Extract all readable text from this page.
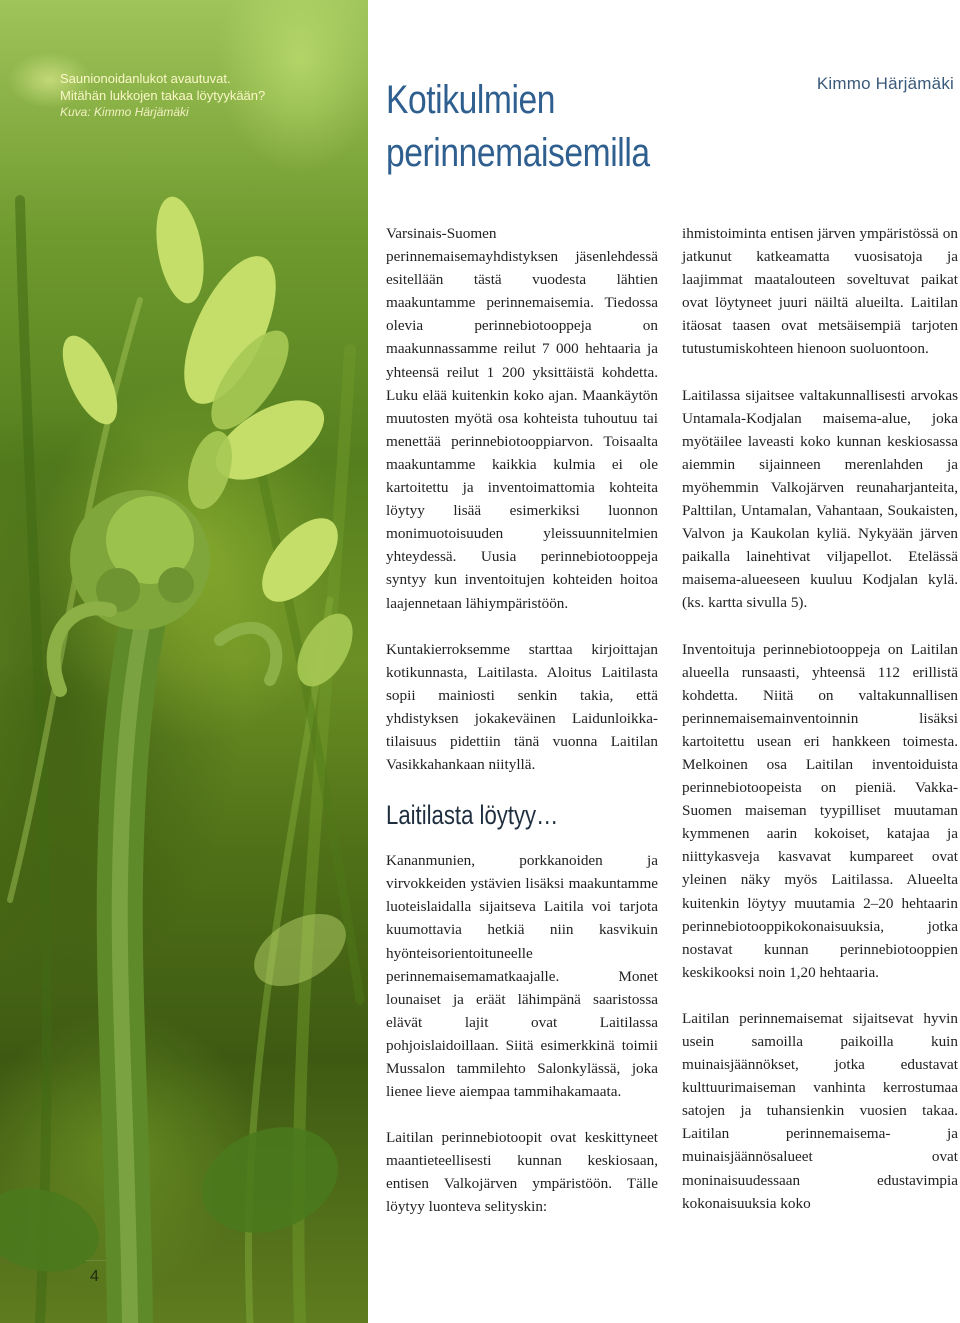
Saunionoidanlukot avautuvat.
Mitähän lukkojen takaa löytyykään?
Kuva: Kimmo Härjämäki
4
Kimmo Härjämäki
Kotikulmien
perinnemaisemilla

Varsinais-Suomen perinnemaisemayhdistyksen jäsenlehdessä esitellään tästä vuodesta lähtien maakuntamme perinnemaisemia. Tiedossa olevia perinnebiotooppeja on maakunnassamme reilut 7 000 hehtaaria ja yhteensä reilut 1 200 yksittäistä kohdetta. Luku elää kuitenkin koko ajan. Maankäytön muutosten myötä osa kohteista tuhoutuu tai menettää perinnebiotooppiarvon. Toisaalta maakuntamme kaikkia kulmia ei ole kartoitettu ja inventoimattomia kohteita löytyy lisää esimerkiksi luonnon monimuotoisuuden yleissuunnitelmien yhteydessä. Uusia perinnebiotooppeja syntyy kun inventoitujen kohteiden hoitoa laajennetaan lähiympäristöön.

Kuntakierroksemme starttaa kirjoittajan kotikunnasta, Laitilasta. Aloitus Laitilasta sopii mainiosti senkin takia, että yhdistyksen jokakeväinen Laidunloikka-tilaisuus pidettiin tänä vuonna Laitilan Vasikkahankaan niityllä.

Laitilasta löytyy…

Kananmunien, porkkanoiden ja virvokkeiden ystävien lisäksi maakuntamme luoteislaidalla sijaitseva Laitila voi tarjota kuumottavia hetkiä niin kasvikuin hyönteisorientoituneelle perinnemaisemamatkaajalle. Monet lounaiset ja eräät lähimpänä saaristossa elävät lajit ovat Laitilassa pohjoislaidoillaan. Siitä esimerkkinä toimii Mussalon tammilehto Salonkylässä, joka lienee lieve aiempaa tammihakamaata.

Laitilan perinnebiotoopit ovat keskittyneet maantieteellisesti kunnan keskiosaan, entisen Valkojärven ympäristöön. Tälle löytyy luonteva selityskin:

ihmistoiminta entisen järven ympäristössä on jatkunut katkeamatta vuosisatoja ja laajimmat maatalouteen soveltuvat paikat ovat löytyneet juuri näiltä alueilta. Laitilan itäosat taasen ovat metsäisempiä tarjoten tutustumiskohteen hienoon suoluontoon.

Laitilassa sijaitsee valtakunnallisesti arvokas Untamala-Kodjalan maisema-alue, joka myötäilee laveasti koko kunnan keskiosassa aiemmin sijainneen merenlahden ja myöhemmin Valkojärven reunaharjanteita, Palttilan, Untamalan, Vahantaan, Soukaisten, Valvon ja Kaukolan kyliä. Nykyään järven paikalla lainehtivat viljapellot. Etelässä maisema-alueeseen kuuluu Kodjalan kylä. (ks. kartta sivulla 5).

Inventoituja perinnebiotooppeja on Laitilan alueella runsaasti, yhteensä 112 erillistä kohdetta. Niitä on valtakunnallisen perinnemaisemainventoinnin lisäksi kartoitettu usean eri hankkeen toimesta. Melkoinen osa Laitilan inventoiduista perinnebiotoopeista on pieniä. Vakka-Suomen maiseman tyypilliset muutaman kymmenen aarin kokoiset, katajaa ja niittykasveja kasvavat kumpareet ovat yleinen näky myös Laitilassa. Alueelta kuitenkin löytyy muutamia 2–20 hehtaarin perinnebiotooppikokonaisuuksia, jotka nostavat kunnan perinnebiotooppien keskikooksi noin 1,20 hehtaaria.

Laitilan perinnemaisemat sijaitsevat hyvin usein samoilla paikoilla kuin muinaisjäännökset, jotka edustavat kulttuurimaiseman vanhinta kerrostumaa satojen ja tuhansienkin vuosien takaa. Laitilan perinnemaisema- ja muinaisjäännösalueet ovat moninaisuudessaan edustavimpia kokonaisuuksia koko
